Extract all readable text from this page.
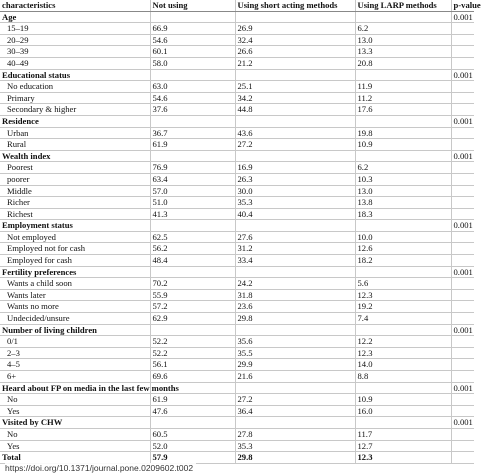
characteristics	Not using	Using short acting methods	Using LARP methods	p-value
Age				0.001
15–19	66.9	26.9	6.2	
20–29	54.6	32.4	13.0	
30–39	60.1	26.6	13.3	
40–49	58.0	21.2	20.8	
Educational status				0.001
No education	63.0	25.1	11.9	
Primary	54.6	34.2	11.2	
Secondary & higher	37.6	44.8	17.6	
Residence				0.001
Urban	36.7	43.6	19.8	
Rural	61.9	27.2	10.9	
Wealth index				0.001
Poorest	76.9	16.9	6.2	
poorer	63.4	26.3	10.3	
Middle	57.0	30.0	13.0	
Richer	51.0	35.3	13.8	
Richest	41.3	40.4	18.3	
Employment status				0.001
Not employed	62.5	27.6	10.0	
Employed not for cash	56.2	31.2	12.6	
Employed for cash	48.4	33.4	18.2	
Fertility preferences				0.001
Wants a child soon	70.2	24.2	5.6	
Wants later	55.9	31.8	12.3	
Wants no more	57.2	23.6	19.2	
Undecided/unsure	62.9	29.8	7.4	
Number of living children				0.001
0/1	52.2	35.6	12.2	
2–3	52.2	35.5	12.3	
4–5	56.1	29.9	14.0	
6+	69.6	21.6	8.8	
Heard about FP on media in the last few months				0.001
No	61.9	27.2	10.9	
Yes	47.6	36.4	16.0	
Visited by CHW				0.001
No	60.5	27.8	11.7	
Yes	52.0	35.3	12.7	
Total	57.9	29.8	12.3	
https://doi.org/10.1371/journal.pone.0209602.t002
